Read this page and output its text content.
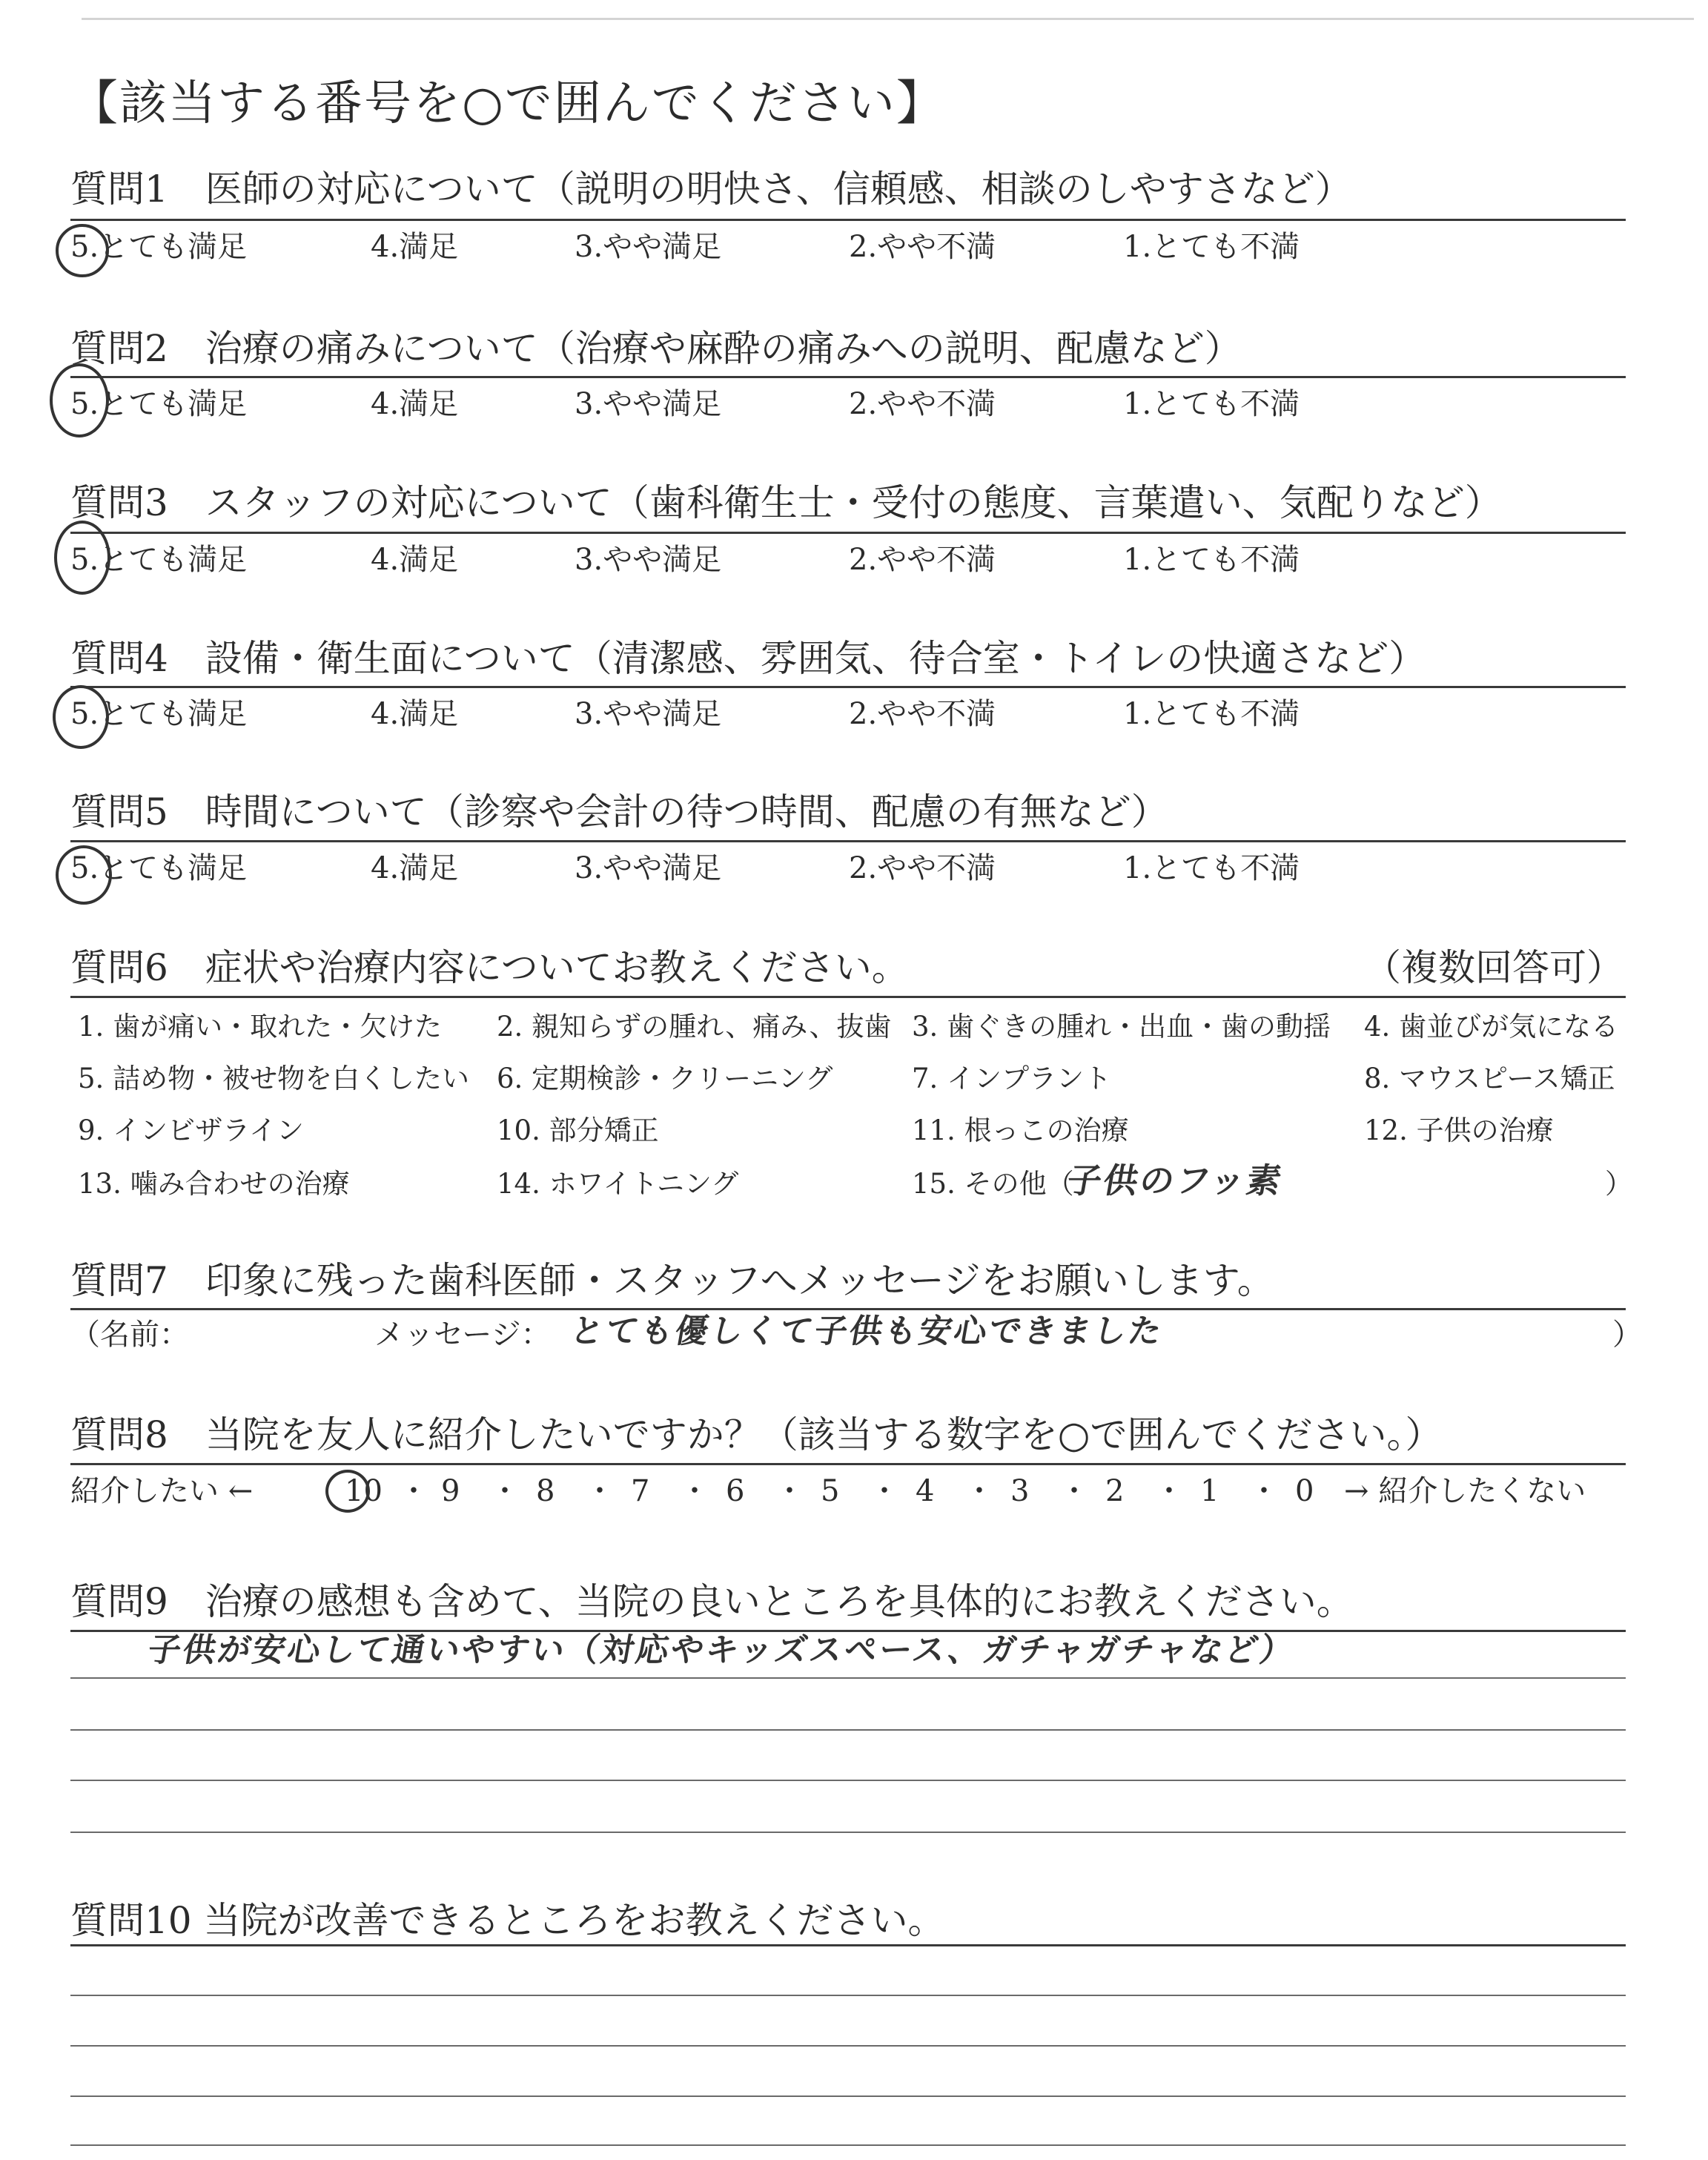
【該当する番号を○で囲んでください】
質問1　医師の対応について（説明の明快さ、信頼感、相談のしやすさなど）
5.とても満足	4.満足	3.やや満足	2.やや不満	1.とても不満
質問2　治療の痛みについて（治療や麻酔の痛みへの説明、配慮など）
5.とても満足	4.満足	3.やや満足	2.やや不満	1.とても不満
質問3　スタッフの対応について（歯科衛生士・受付の態度、言葉遣い、気配りなど）
5.とても満足	4.満足	3.やや満足	2.やや不満	1.とても不満
質問4　設備・衛生面について（清潔感、雰囲気、待合室・トイレの快適さなど）
5.とても満足	4.満足	3.やや満足	2.やや不満	1.とても不満
質問5　時間について（診察や会計の待つ時間、配慮の有無など）
5.とても満足	4.満足	3.やや満足	2.やや不満	1.とても不満
質問6　症状や治療内容についてお教えください。	（複数回答可）
1. 歯が痛い・取れた・欠けた 2. 親知らずの腫れ、痛み、抜歯 3. 歯ぐきの腫れ・出血・歯の動揺 4. 歯並びが気になる
5. 詰め物・被せ物を白くしたい 6. 定期検診・クリーニング	7. インプラント	8. マウスピース矯正
9. インビザライン	10. 部分矯正	11. 根っこの治療	12. 子供の治療
13. 噛み合わせの治療	14. ホワイトニング	15. その他（
子供のフッ素	）
質問7　印象に残った歯科医師・スタッフへメッセージをお願いします。
（名前：	メッセージ： とても優しくて子供も安心できました	）
質問8　当院を友人に紹介したいですか？（該当する数字を○で囲んでください。）
紹介したい ←	10 ・ 9 ・ 8 ・ 7 ・ 6 ・ 5 ・ 4 ・ 3 ・ 2 ・ 1 ・ 0 → 紹介したくない
質問9　治療の感想も含めて、当院の良いところを具体的にお教えください。
子供が安心して通いやすい（対応やキッズスペース、ガチャガチャなど）
質問10 当院が改善できるところをお教えください。
